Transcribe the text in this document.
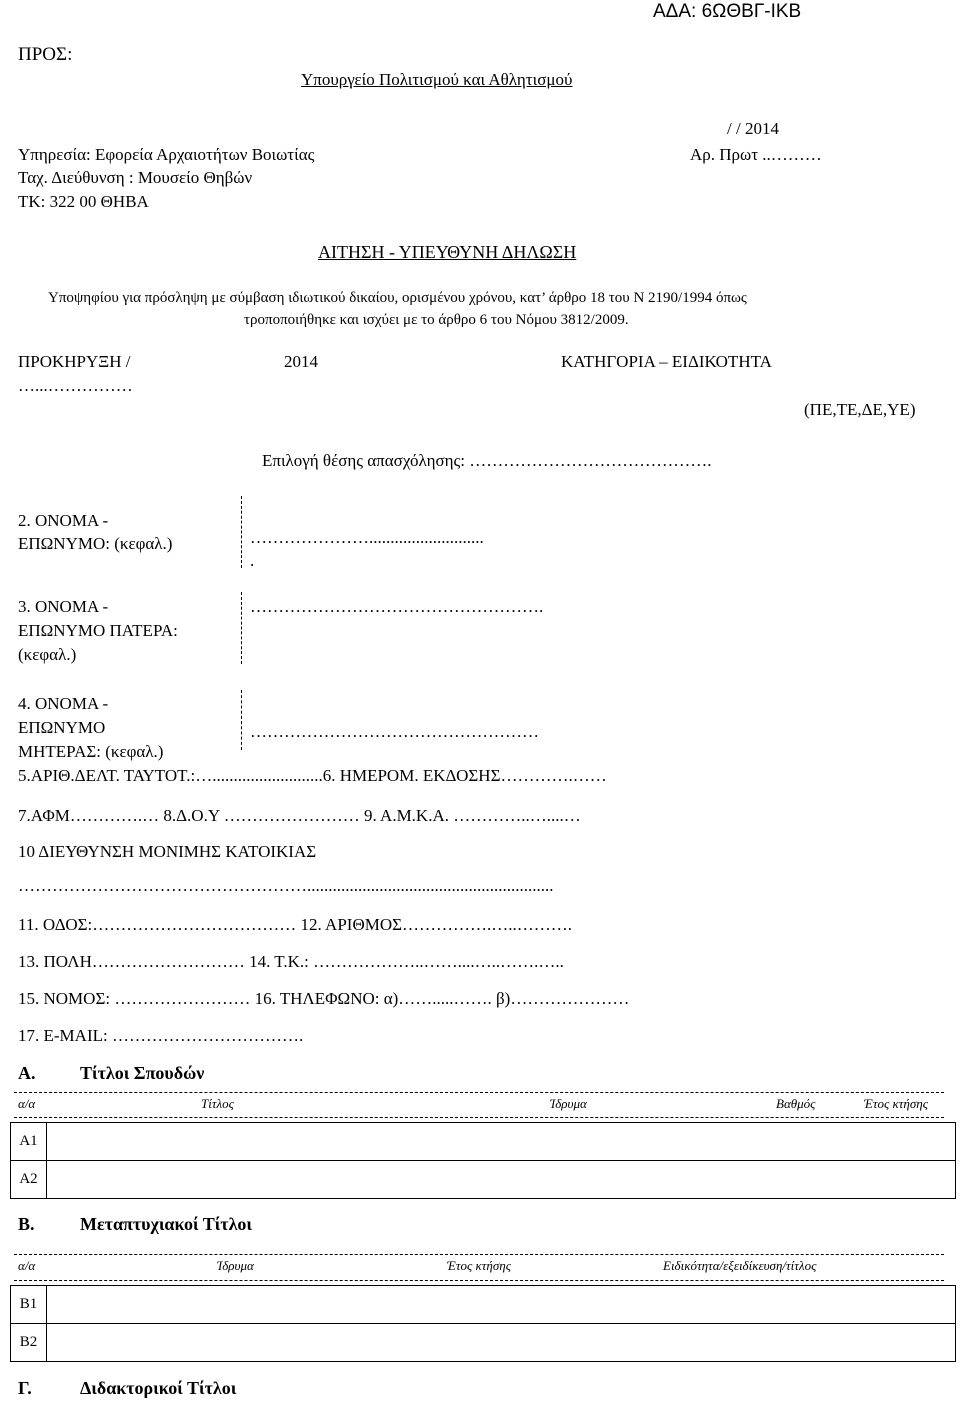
ΑΔΑ: 6ΩΘΒΓ-ΙΚΒ
ΠΡΟΣ:
Υπουργείο Πολιτισμού και Αθλητισμού
/ / 2014
Υπηρεσία: Εφορεία Αρχαιοτήτων Βοιωτίας	Αρ. Πρωτ ..………
Ταχ. Διεύθυνση : Μουσείο Θηβών
ΤΚ: 322 00 ΘΗΒΑ
ΑΙΤΗΣΗ - ΥΠΕΥΘΥΝΗ ΔΗΛΩΣΗ
Υποψηφίου για πρόσληψη με σύμβαση ιδιωτικού δικαίου, ορισμένου χρόνου, κατ’ άρθρο 18 του Ν 2190/1994 όπως
τροποποιήθηκε και ισχύει με το άρθρο 6 του Νόμου 3812/2009.
ΠΡΟΚΗΡΥΞΗ /	2014	ΚΑΤΗΓΟΡΙΑ – ΕΙΔΙΚΟΤΗΤΑ
…...……………
(ΠΕ,ΤΕ,ΔΕ,ΥΕ)
Επιλογή θέσης απασχόλησης: …………………………………….
2. ΟΝΟΜΑ -
ΕΠΩΝΥΜΟ: (κεφαλ.)	…………………...........................
.
3. ΟΝΟΜΑ -
ΕΠΩΝΥΜΟ ΠΑΤΕΡΑ:
(κεφαλ.)
…………………………………………….
4. ΟΝΟΜΑ -
ΕΠΩΝΥΜΟ
ΜΗΤΕΡΑΣ: (κεφαλ.)
……………………………………………
5.ΑΡΙΘ.ΔΕΛΤ. ΤΑΥΤΟΤ.:…..........................6. ΗΜΕΡΟΜ. ΕΚΔΟΣΗΣ………….……
7.ΑΦΜ………….… 8.Δ.Ο.Υ …………………… 9. Α.Μ.Κ.Α. …………..…....…
10 ΔΙΕΥΘΥΝΣΗ ΜΟΝΙΜΗΣ ΚΑΤΟΙΚΙΑΣ
……………………………………………..........................................................
11. ΟΔΟΣ:……………………………… 12. ΑΡΙΘΜΟΣ…………….…..……….
13. ΠΟΛΗ……………………… 14. Τ.Κ.: ………………..……....…..…….…..
15. ΝΟΜΟΣ: …………………… 16. ΤΗΛΕΦΩΝΟ: α)…….....……. β)…………………
17. E-MAIL: …………………………….
Α. Τίτλοι Σπουδών
α/α	Τίτλος	Ίδρυμα	Βαθμός	Έτος κτήσης
Α1	
Α2	
Β.	Μεταπτυχιακοί Τίτλοι
α/α	Ίδρυμα	Έτος κτήσης	Ειδικότητα/εξειδίκευση/τίτλος
Β1	
Β2	
Γ.	Διδακτορικοί Τίτλοι
